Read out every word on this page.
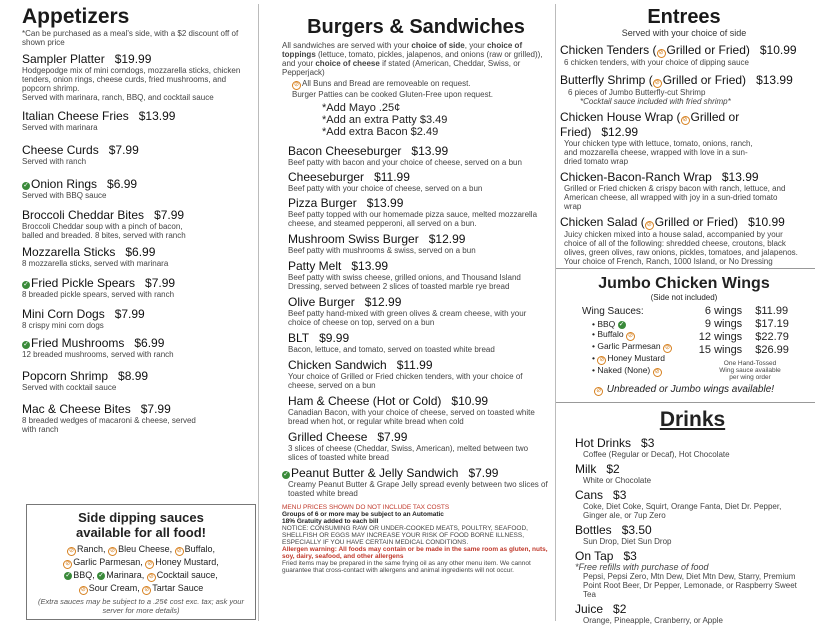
Appetizers
*Can be purchased as a meal's side, with a $2 discount off of shown price
Sampler Platter $19.99
Hodgepodge mix of mini corndogs, mozzarella sticks, chicken tenders, onion rings, cheese curds, fried mushrooms, and popcorn shrimp.
Served with marinara, ranch, BBQ, and cocktail sauce
Italian Cheese Fries $13.99
Served with marinara
Cheese Curds $7.99
Served with ranch
✓ Onion Rings $6.99
Served with BBQ sauce
Broccoli Cheddar Bites $7.99
Broccoli Cheddar soup with a pinch of bacon, balled and breaded. 8 bites, served with ranch
Mozzarella Sticks $6.99
8 mozzarella sticks, served with marinara
✓ Fried Pickle Spears $7.99
8 breaded pickle spears, served with ranch
Mini Corn Dogs $7.99
8 crispy mini corn dogs
✓ Fried Mushrooms $6.99
12 breaded mushrooms, served with ranch
Popcorn Shrimp $8.99
Served with cocktail sauce
Mac & Cheese Bites $7.99
8 breaded wedges of macaroni & cheese, served with ranch
Side dipping sauces
available for all food!
⊘ Ranch, ⊘ Bleu Cheese, ⊘ Buffalo,
⊘ Garlic Parmesan, ⊘ Honey Mustard,
✓ BBQ, ✓ Marinara, ⊘ Cocktail sauce,
⊘ Sour Cream, ⊘ Tartar Sauce
(Extra sauces may be subject to a .25¢ cost exc. tax; ask your server for more details)
Burgers & Sandwiches
All sandwiches are served with your choice of side, your choice of toppings (lettuce, tomato, pickles, jalapenos, and onions (raw or grilled)), and your choice of cheese if stated (American, Cheddar, Swiss, or Pepperjack)
⊘ All Buns and Bread are removeable on request.
Burger Patties can be cooked Gluten-Free upon request.
*Add Mayo .25¢
*Add an extra Patty $3.49
*Add extra Bacon $2.49
Bacon Cheeseburger $13.99
Beef patty with bacon and your choice of cheese, served on a bun
Cheeseburger $11.99
Beef patty with your choice of cheese, served on a bun
Pizza Burger $13.99
Beef patty topped with our homemade pizza sauce, melted mozzarella cheese, and steamed pepperoni, all served on a bun.
Mushroom Swiss Burger $12.99
Beef patty with mushrooms & swiss, served on a bun
Patty Melt $13.99
Beef patty with swiss cheese, grilled onions, and Thousand Island Dressing, served between 2 slices of toasted marble rye bread
Olive Burger $12.99
Beef patty hand-mixed with green olives & cream cheese, with your choice of cheese on top, served on a bun
BLT $9.99
Bacon, lettuce, and tomato, served on toasted white bread
Chicken Sandwich $11.99
Your choice of Grilled or Fried chicken tenders, with your choice of cheese, served on a bun
Ham & Cheese (Hot or Cold) $10.99
Canadian Bacon, with your choice of cheese, served on toasted white bread when hot, or regular white bread when cold
Grilled Cheese $7.99
3 slices of cheese (Cheddar, Swiss, American), melted between two slices of toasted white bread
✓ Peanut Butter & Jelly Sandwich $7.99
Creamy Peanut Butter & Grape Jelly spread evenly between two slices of toasted white bread
MENU PRICES SHOWN DO NOT INCLUDE TAX COSTS
Groups of 6 or more may be subject to an Automatic
18% Gratuity added to each bill
NOTICE: CONSUMING RAW OR UNDER-COOKED MEATS, POULTRY, SEAFOOD, SHELLFISH OR EGGS MAY INCREASE YOUR RISK OF FOOD BORNE ILLNESS, ESPECIALLY IF YOU HAVE CERTAIN MEDICAL CONDITIONS.
Allergen warning: All foods may contain or be made in the same room as gluten, nuts, soy, dairy, seafood, and other allergens
Fried items may be prepared in the same frying oil as any other menu item. We cannot guarantee that cross-contact with allergens and animal ingredients will not occur.
Entrees
Served with your choice of side
Chicken Tenders ( ⊘ Grilled or Fried) $10.99
6 chicken tenders, with your choice of dipping sauce
Butterfly Shrimp ( ⊘ Grilled or Fried) $13.99
6 pieces of Jumbo Butterfly-cut Shrimp
*Cocktail sauce included with fried shrimp*
Chicken House Wrap ( ⊘ Grilled or Fried) $12.99
Your chicken type with lettuce, tomato, onions, ranch, and mozzarella cheese, wrapped with love in a sun-dried tomato wrap
Chicken-Bacon-Ranch Wrap $13.99
Grilled or Fried chicken & crispy bacon with ranch, lettuce, and American cheese, all wrapped with joy in a sun-dried tomato wrap
Chicken Salad ( ⊘ Grilled or Fried) $10.99
Juicy chicken mixed into a house salad, accompanied by your choice of all of the following: shredded cheese, croutons, black olives, green olives, raw onions, pickles, tomatoes, and jalapenos.
Your choice of French, Ranch, 1000 Island, or No Dressing
Jumbo Chicken Wings
(Side not included)
Wing Sauces:
• BBQ ✓
• Buffalo ⊘
• Garlic Parmesan ⊘
• ⊘ Honey Mustard
• Naked (None) ⊘
6 wings $11.99
9 wings $17.19
12 wings $22.79
15 wings $26.99
One Hand-Tossed
Wing sauce available
per wing order
⊘ Unbreaded or Jumbo wings available!
Drinks
Hot Drinks $3
Coffee (Regular or Decaf), Hot Chocolate
Milk $2
White or Chocolate
Cans $3
Coke, Diet Coke, Squirt, Orange Fanta, Diet Dr. Pepper, Ginger ale, or 7up Zero
Bottles $3.50
Sun Drop, Diet Sun Drop
On Tap $3
*Free refills with purchase of food
Pepsi, Pepsi Zero, Mtn Dew, Diet Mtn Dew, Starry, Premium Point Root Beer, Dr Pepper, Lemonade, or Raspberry Sweet Tea
Juice $2
Orange, Pineapple, Cranberry, or Apple
